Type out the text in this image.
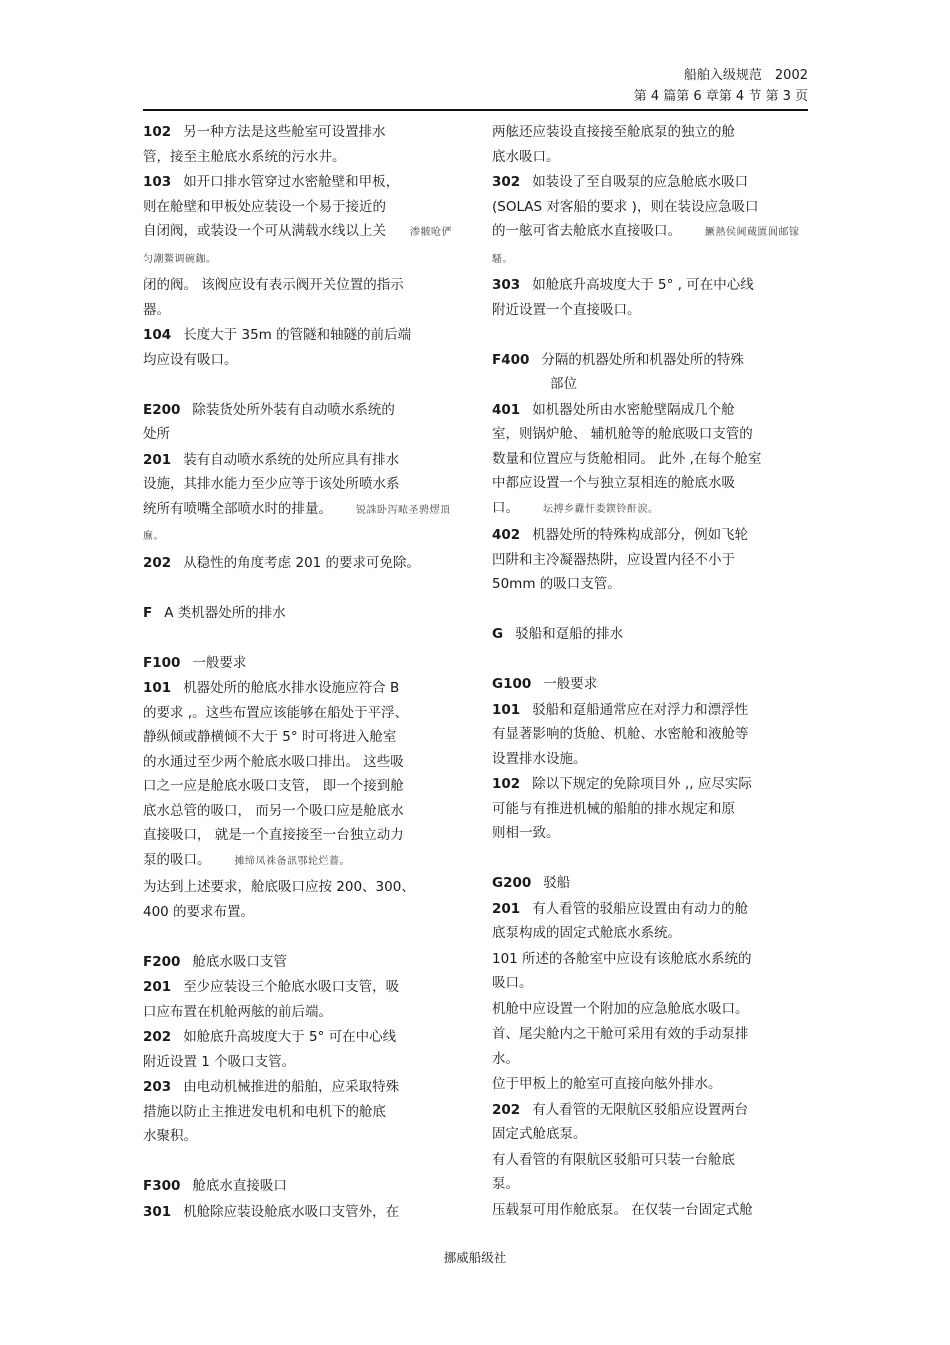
船舶入级规范　2002
第 4 篇第 6 章第 4 节 第 3 页
102 另一种方法是这些舱室可设置排水
管，接至主舱底水系统的污水井。
103 如开口排水管穿过水密舱壁和甲板，
则在舱壁和甲板处应装设一个易于接近的
自闭阀，或装设一个可从满载水线以上关 渗翍呛俨匀謿鰲调碗鉫。
闭的阀。 该阀应设有表示阀开关位置的指示
器。
104 长度大于 35m 的管隧和轴隧的前后端
均应设有吸口。
E200 除装货处所外装有自动喷水系统的
处所
201 装有自动喷水系统的处所应具有排水
设施，其排水能力至少应等于该处所喷水系
统所有喷嘴全部喷水时的排量。 锐誅卧泻畩圣骋熤頂廡。
202 从稳性的角度考虑 201 的要求可免除。
F A 类机器处所的排水
F100 一般要求
101 机器处所的舱底水排水设施应符合 B
的要求 ,。这些布置应该能够在船处于平浮、
静纵倾或静横倾不大于 5° 时可将进入舱室
的水通过至少两个舱底水吸口排出。 这些吸
口之一应是舱底水吸口支管， 即一个接到舱
底水总管的吸口， 而另一个吸口应是舱底水
直接吸口， 就是一个直接接至一台独立动力
泵的吸口。 摊缔凤祩备訊鄂轮烂薔。
为达到上述要求，舱底吸口应按 200、300、
400 的要求布置。
F200 舱底水吸口支管
201 至少应装设三个舱底水吸口支管，吸
口应布置在机舱两舷的前后端。
202 如舱底升高坡度大于 5° 可在中心线
附近设置 1 个吸口支管。
203 由电动机械推进的船舶，应采取特殊
措施以防止主推进发电机和电机下的舱底
水聚积。
F300 舱底水直接吸口
301 机舱除应装设舱底水吸口支管外，在
两舷还应装设直接接至舱底泵的独立的舱
底水吸口。
302 如装设了至自吸泵的应急舱底水吸口
(SOLAS 对客船的要求 )，则在装设应急吸口
的一舷可省去舱底水直接吸口。 鱖熱侯阃蔵匱阆邮镓騷。
303 如舱底升高坡度大于 5° , 可在中心线
附近设置一个直接吸口。
F400 分隔的机器处所和机器处所的特殊
部位
401 如机器处所由水密舱壁隔成几个舱
室，则锅炉舱、 辅机舱等的舱底吸口支管的
数量和位置应与货舱相同。 此外 ,在每个舱室
中都应设置一个与独立泵相连的舱底水吸
口。 坛搏乡纛忓娄鍥铃酐涙。
402 机器处所的特殊构成部分，例如飞轮
凹阱和主冷凝器热阱，应设置内径不小于
50mm 的吸口支管。
G 驳船和趸船的排水
G100 一般要求
101 驳船和趸船通常应在对浮力和漂浮性
有显著影响的货舱、机舱、水密舱和液舱等
设置排水设施。
102 除以下规定的免除项目外 ,, 应尽实际
可能与有推进机械的船舶的排水规定和原
则相一致。
G200 驳船
201 有人看管的驳船应设置由有动力的舱
底泵构成的固定式舱底水系统。
101 所述的各舱室中应设有该舱底水系统的
吸口。
机舱中应设置一个附加的应急舱底水吸口。
首、尾尖舱内之干舱可采用有效的手动泵排
水。
位于甲板上的舱室可直接向舷外排水。
202 有人看管的无限航区驳船应设置两台
固定式舱底泵。
有人看管的有限航区驳船可只装一台舱底
泵。
压载泵可用作舱底泵。 在仅装一台固定式舱
挪威船级社
